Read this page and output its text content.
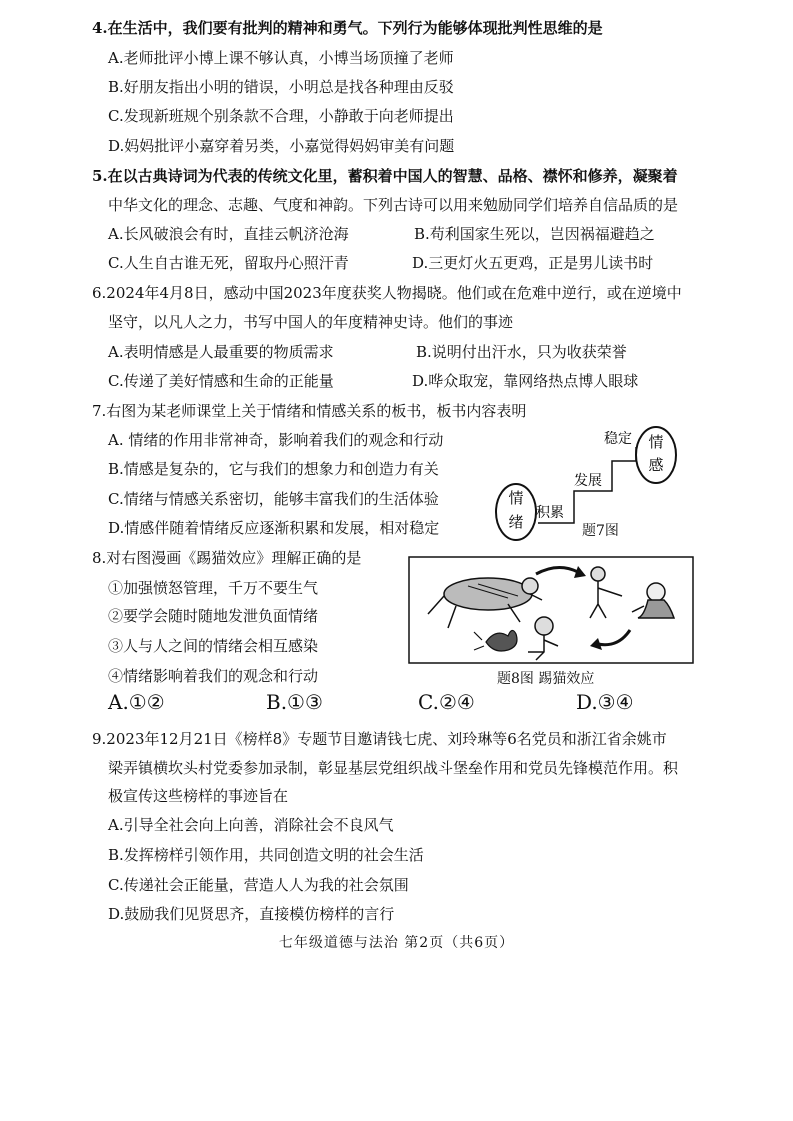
4.在生活中，我们要有批判的精神和勇气。下列行为能够体现批判性思维的是
A.老师批评小博上课不够认真，小博当场顶撞了老师
B.好朋友指出小明的错误，小明总是找各种理由反驳
C.发现新班规个别条款不合理，小静敢于向老师提出
D.妈妈批评小嘉穿着另类，小嘉觉得妈妈审美有问题
5.在以古典诗词为代表的传统文化里，蓄积着中国人的智慧、品格、襟怀和修养，凝聚着
中华文化的理念、志趣、气度和神韵。下列古诗可以用来勉励同学们培养自信品质的是
A.长风破浪会有时，直挂云帆济沧海	B.苟利国家生死以，岂因祸福避趋之
C.人生自古谁无死，留取丹心照汗青	D.三更灯火五更鸡，正是男儿读书时
6.2024年4月8日，感动中国2023年度获奖人物揭晓。他们或在危难中逆行，或在逆境中
坚守，以凡人之力，书写中国人的年度精神史诗。他们的事迹
A.表明情感是人最重要的物质需求	B.说明付出汗水，只为收获荣誉
C.传递了美好情感和生命的正能量	D.哗众取宠，靠网络热点博人眼球
7.右图为某老师课堂上关于情绪和情感关系的板书，板书内容表明
A. 情绪的作用非常神奇，影响着我们的观念和行动
B.情感是复杂的，它与我们的想象力和创造力有关
C.情绪与情感关系密切，能够丰富我们的生活体验
D.情感伴随着情绪反应逐渐积累和发展，相对稳定
情
绪 积累
发展
稳定 情
感
题7图
8.对右图漫画《踢猫效应》理解正确的是
①加强愤怒管理，千万不要生气
②要学会随时随地发泄负面情绪
③人与人之间的情绪会相互感染
④情绪影响着我们的观念和行动	题8图 踢猫效应
A.①②	B.①③	C.②④	D.③④
9.2023年12月21日《榜样8》专题节目邀请钱七虎、刘玲琳等6名党员和浙江省余姚市
梁弄镇横坎头村党委参加录制，彰显基层党组织战斗堡垒作用和党员先锋模范作用。积
极宣传这些榜样的事迹旨在
A.引导全社会向上向善，消除社会不良风气
B.发挥榜样引领作用，共同创造文明的社会生活
C.传递社会正能量，营造人人为我的社会氛围
D.鼓励我们见贤思齐，直接模仿榜样的言行
七年级道德与法治 第2页（共6页）
